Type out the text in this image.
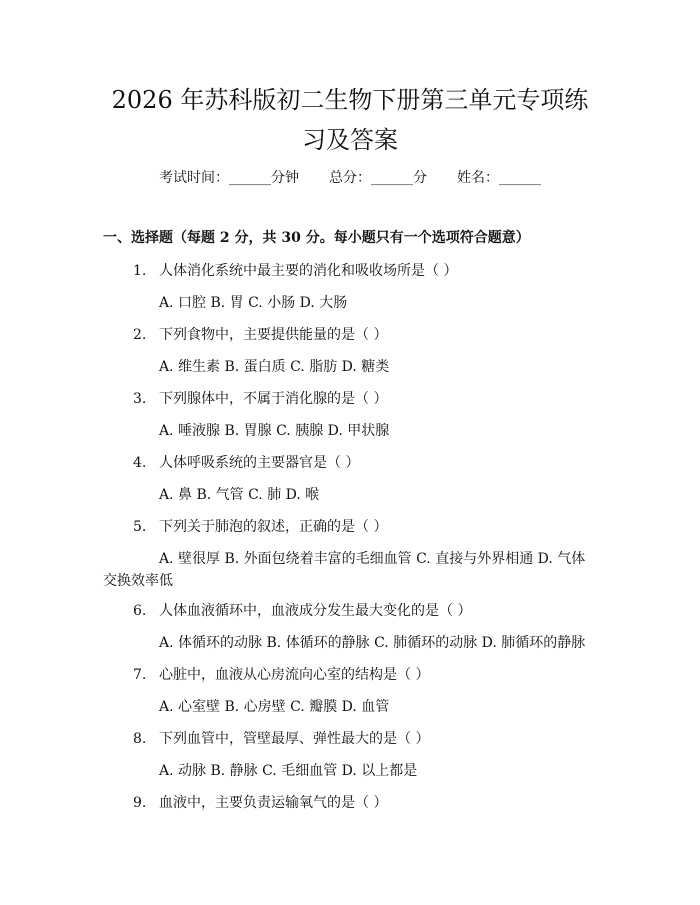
2026 年苏科版初二生物下册第三单元专项练
习及答案
考试时间：______分钟 总分：______分 姓名：______
一、选择题（每题 2 分，共 30 分。每小题只有一个选项符合题意）
1. 人体消化系统中最主要的消化和吸收场所是（ ）
A. 口腔 B. 胃 C. 小肠 D. 大肠
2. 下列食物中，主要提供能量的是（ ）
A. 维生素 B. 蛋白质 C. 脂肪 D. 糖类
3. 下列腺体中，不属于消化腺的是（ ）
A. 唾液腺 B. 胃腺 C. 胰腺 D. 甲状腺
4. 人体呼吸系统的主要器官是（ ）
A. 鼻 B. 气管 C. 肺 D. 喉
5. 下列关于肺泡的叙述，正确的是（ ）
A. 壁很厚 B. 外面包绕着丰富的毛细血管 C. 直接与外界相通 D. 气体交换效率低
6. 人体血液循环中，血液成分发生最大变化的是（ ）
A. 体循环的动脉 B. 体循环的静脉 C. 肺循环的动脉 D. 肺循环的静脉
7. 心脏中，血液从心房流向心室的结构是（ ）
A. 心室壁 B. 心房壁 C. 瓣膜 D. 血管
8. 下列血管中，管壁最厚、弹性最大的是（ ）
A. 动脉 B. 静脉 C. 毛细血管 D. 以上都是
9. 血液中，主要负责运输氧气的是（ ）
